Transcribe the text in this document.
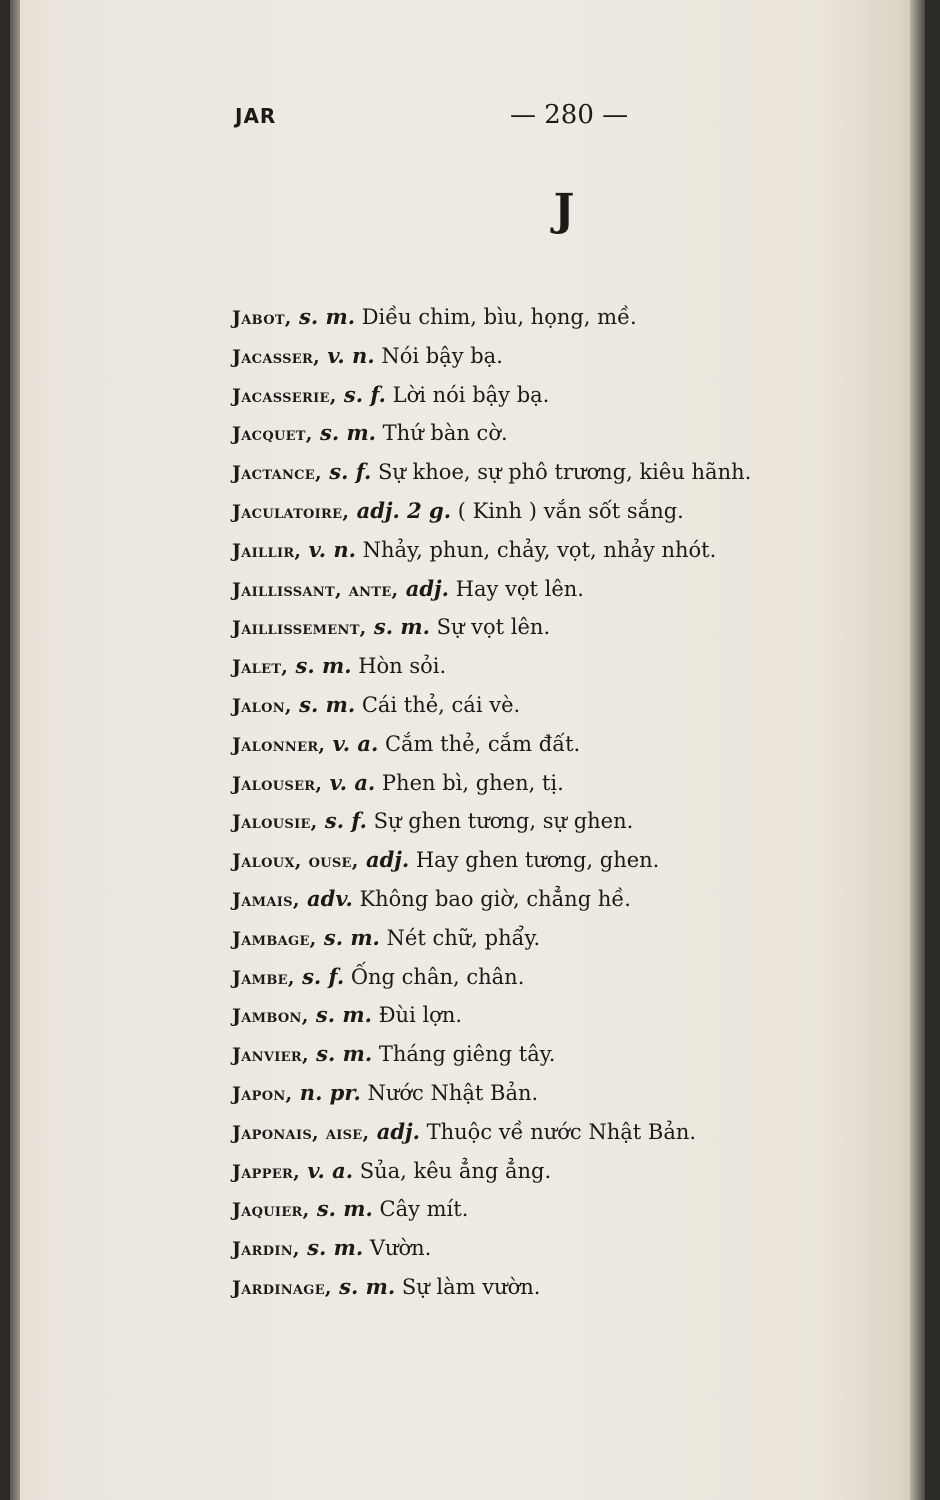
JAR	— 280 —
J
Jabot, s. m. Diều chim, bìu, họng, mề.
Jacasser, v. n. Nói bậy bạ.
Jacasserie, s. f. Lời nói bậy bạ.
Jacquet, s. m. Thứ bàn cờ.
Jactance, s. f. Sự khoe, sự phô trương, kiêu hãnh.
Jaculatoire, adj. 2 g. ( Kinh ) vắn sốt sắng.
Jaillir, v. n. Nhảy, phun, chảy, vọt, nhảy nhót.
Jaillissant, ante, adj. Hay vọt lên.
Jaillissement, s. m. Sự vọt lên.
Jalet, s. m. Hòn sỏi.
Jalon, s. m. Cái thẻ, cái vè.
Jalonner, v. a. Cắm thẻ, cắm đất.
Jalouser, v. a. Phen bì, ghen, tị.
Jalousie, s. f. Sự ghen tương, sự ghen.
Jaloux, ouse, adj. Hay ghen tương, ghen.
Jamais, adv. Không bao giờ, chẳng hề.
Jambage, s. m. Nét chữ, phẩy.
Jambe, s. f. Ống chân, chân.
Jambon, s. m. Đùi lợn.
Janvier, s. m. Tháng giêng tây.
Japon, n. pr. Nước Nhật Bản.
Japonais, aise, adj. Thuộc về nước Nhật Bản.
Japper, v. a. Sủa, kêu ẳng ẳng.
Jaquier, s. m. Cây mít.
Jardin, s. m. Vườn.
Jardinage, s. m. Sự làm vườn.
